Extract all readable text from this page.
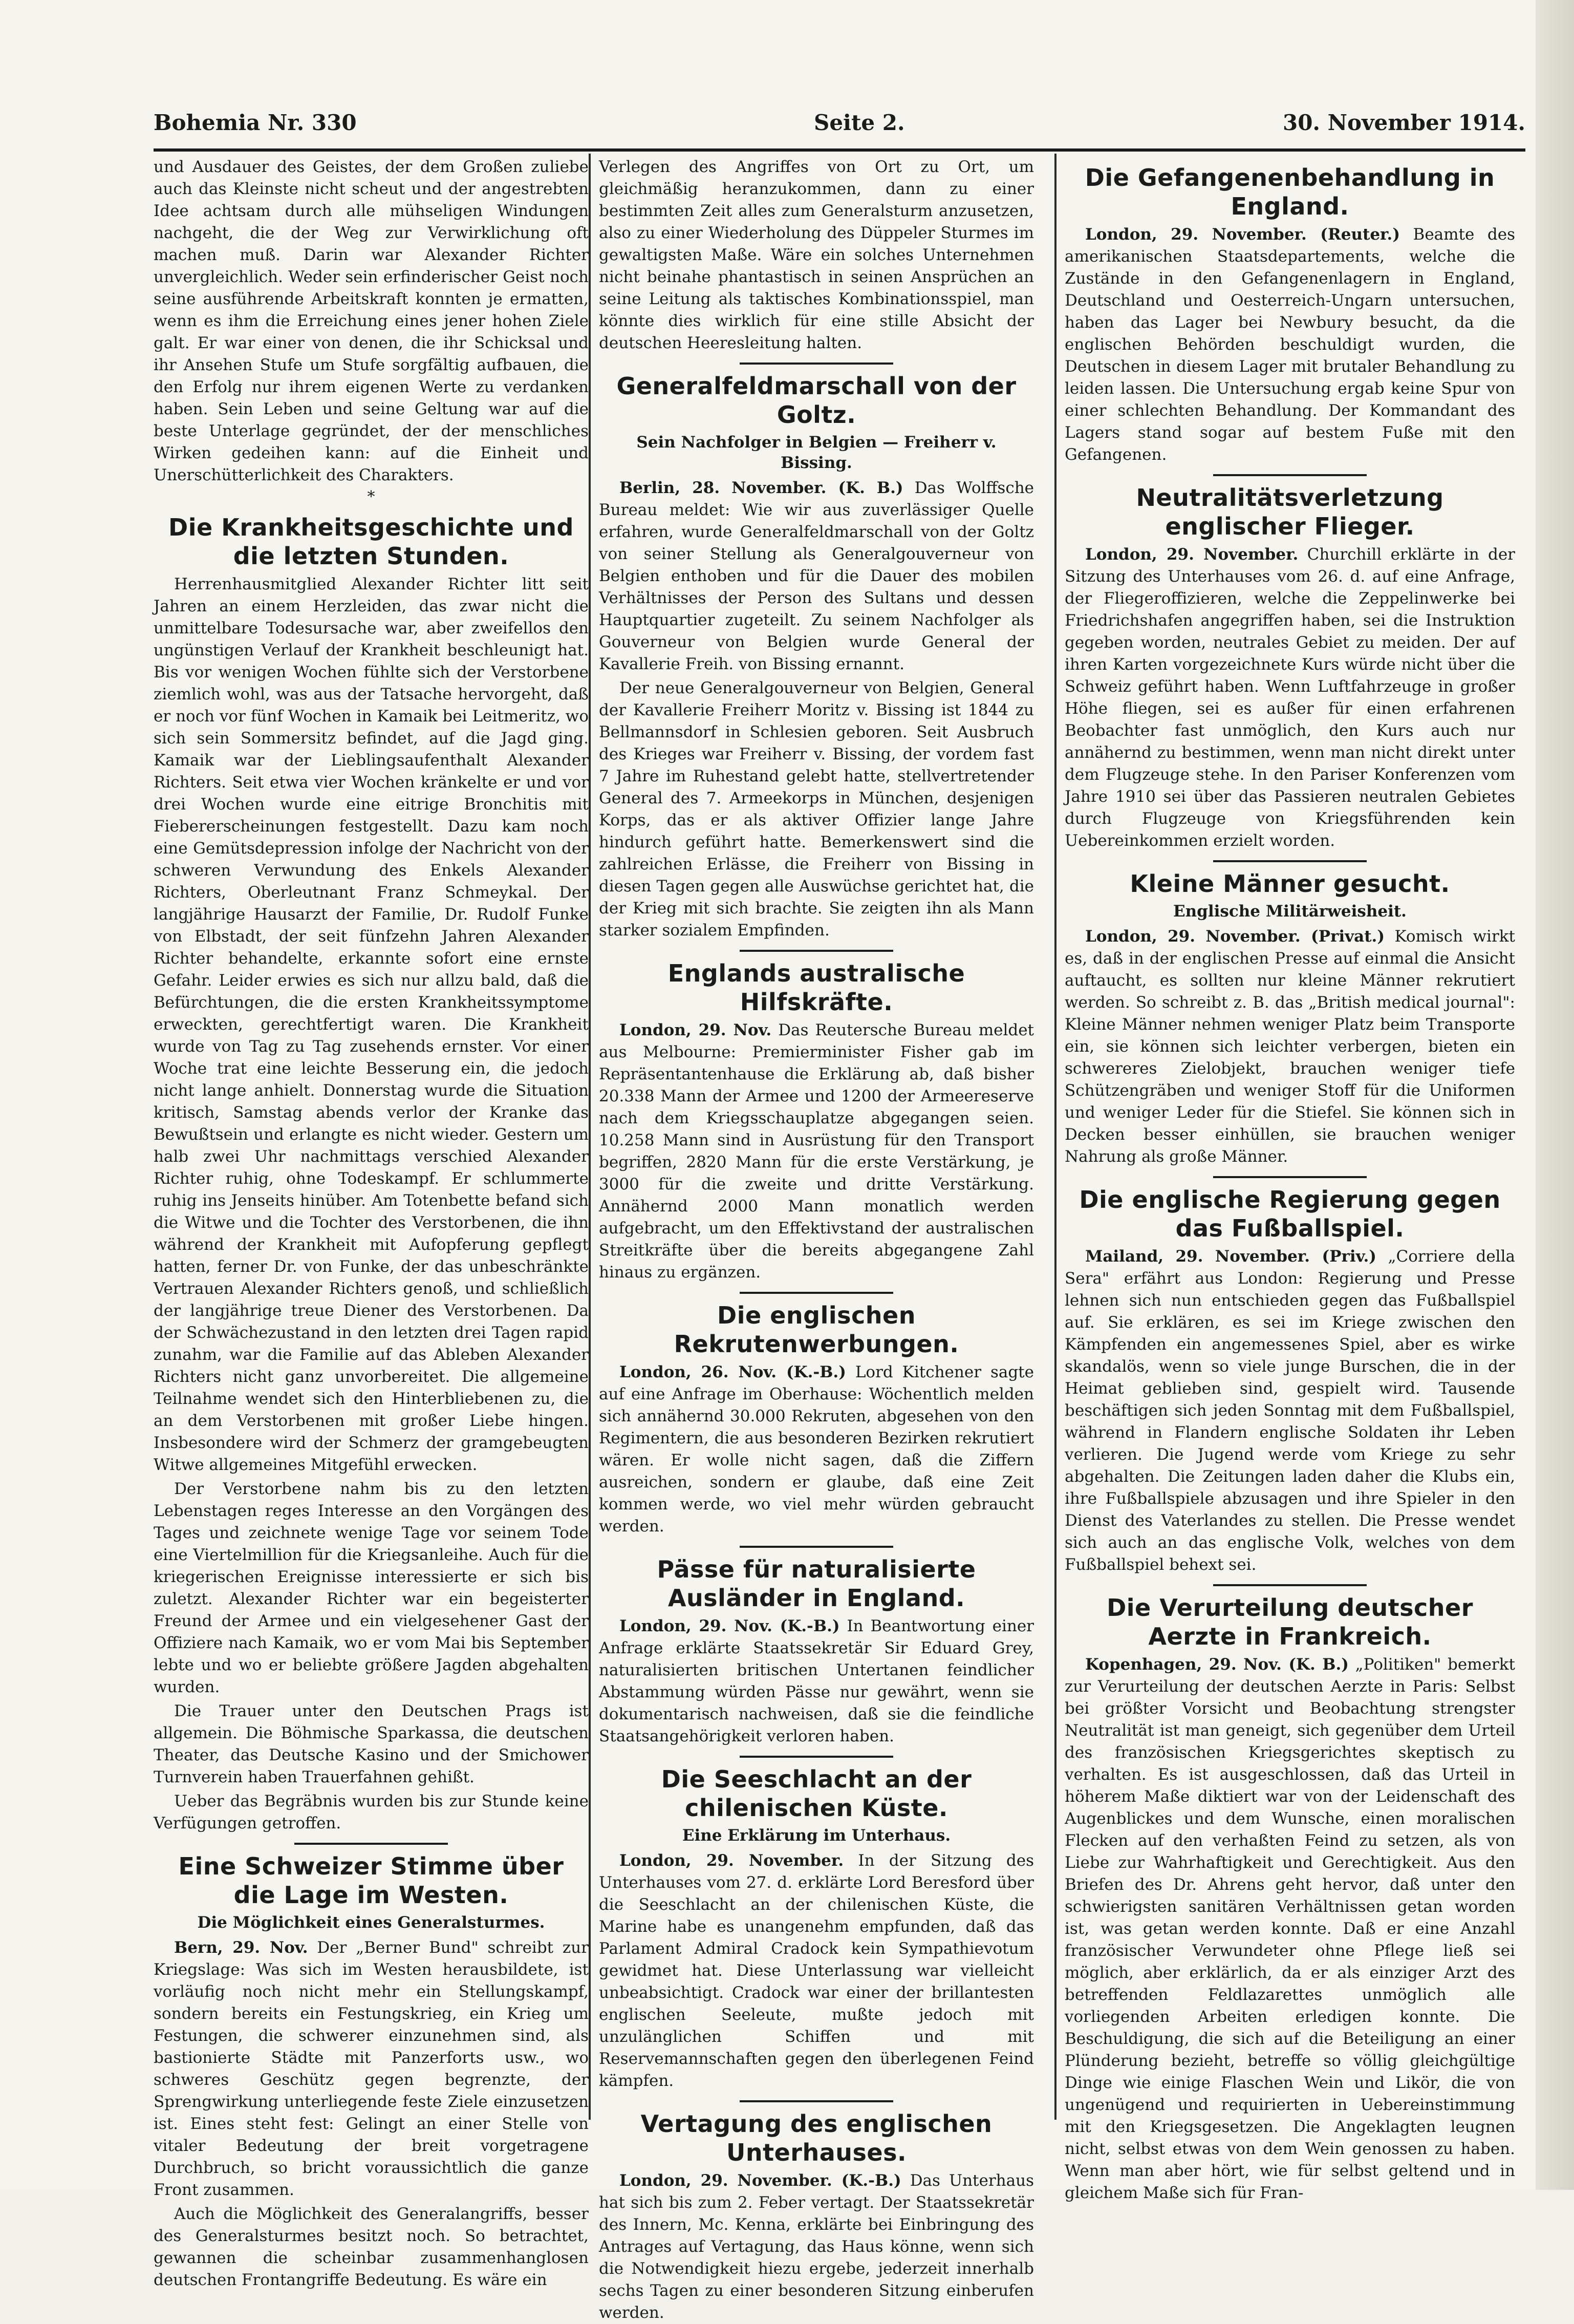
Bohemia Nr. 330	Seite 2.	30. November 1914.

und Ausdauer des Geistes, der dem Großen zuliebe auch das Kleinste nicht scheut und der angestrebten Idee achtsam durch alle mühseligen Windungen nachgeht, die der Weg zur Verwirklichung oft machen muß. Darin war Alexander Richter unvergleichlich. Weder sein erfinderischer Geist noch seine ausführende Arbeitskraft konnten je ermatten, wenn es ihm die Erreichung eines jener hohen Ziele galt. Er war einer von denen, die ihr Schicksal und ihr Ansehen Stufe um Stufe sorgfältig aufbauen, die den Erfolg nur ihrem eigenen Werte zu verdanken haben. Sein Leben und seine Geltung war auf die beste Unterlage gegründet, der der menschliches Wirken gedeihen kann: auf die Einheit und Unerschütterlichkeit des Charakters.

*
Die Krankheitsgeschichte und die letzten Stunden.

Herrenhausmitglied Alexander Richter litt seit Jahren an einem Herzleiden, das zwar nicht die unmittelbare Todesursache war, aber zweifellos den ungünstigen Verlauf der Krankheit beschleunigt hat. Bis vor wenigen Wochen fühlte sich der Verstorbene ziemlich wohl, was aus der Tatsache hervorgeht, daß er noch vor fünf Wochen in Kamaik bei Leitmeritz, wo sich sein Sommersitz befindet, auf die Jagd ging. Kamaik war der Lieblingsaufenthalt Alexander Richters. Seit etwa vier Wochen kränkelte er und vor drei Wochen wurde eine eitrige Bronchitis mit Fiebererscheinungen festgestellt. Dazu kam noch eine Gemütsdepression infolge der Nachricht von der schweren Verwundung des Enkels Alexander Richters, Oberleutnant Franz Schmeykal. Der langjährige Hausarzt der Familie, Dr. Rudolf Funke von Elbstadt, der seit fünfzehn Jahren Alexander Richter behandelte, erkannte sofort eine ernste Gefahr. Leider erwies es sich nur allzu bald, daß die Befürchtungen, die die ersten Krankheitssymptome erweckten, gerechtfertigt waren. Die Krankheit wurde von Tag zu Tag zusehends ernster. Vor einer Woche trat eine leichte Besserung ein, die jedoch nicht lange anhielt. Donnerstag wurde die Situation kritisch, Samstag abends verlor der Kranke das Bewußtsein und erlangte es nicht wieder. Gestern um halb zwei Uhr nachmittags verschied Alexander Richter ruhig, ohne Todeskampf. Er schlummerte ruhig ins Jenseits hinüber. Am Totenbette befand sich die Witwe und die Tochter des Verstorbenen, die ihn während der Krankheit mit Aufopferung gepflegt hatten, ferner Dr. von Funke, der das unbeschränkte Vertrauen Alexander Richters genoß, und schließlich der langjährige treue Diener des Verstorbenen. Da der Schwächezustand in den letzten drei Tagen rapid zunahm, war die Familie auf das Ableben Alexander Richters nicht ganz unvorbereitet. Die allgemeine Teilnahme wendet sich den Hinterbliebenen zu, die an dem Verstorbenen mit großer Liebe hingen. Insbesondere wird der Schmerz der gramgebeugten Witwe allgemeines Mitgefühl erwecken.

Der Verstorbene nahm bis zu den letzten Lebenstagen reges Interesse an den Vorgängen des Tages und zeichnete wenige Tage vor seinem Tode eine Viertelmillion für die Kriegsanleihe. Auch für die kriegerischen Ereignisse interessierte er sich bis zuletzt. Alexander Richter war ein begeisterter Freund der Armee und ein vielgesehener Gast der Offiziere nach Kamaik, wo er vom Mai bis September lebte und wo er beliebte größere Jagden abgehalten wurden.

Die Trauer unter den Deutschen Prags ist allgemein. Die Böhmische Sparkassa, die deutschen Theater, das Deutsche Kasino und der Smichower Turnverein haben Trauerfahnen gehißt.

Ueber das Begräbnis wurden bis zur Stunde keine Verfügungen getroffen.

Eine Schweizer Stimme über die Lage im Westen.
Die Möglichkeit eines Generalsturmes.

Bern, 29. Nov. Der „Berner Bund" schreibt zur Kriegslage: Was sich im Westen herausbildete, ist vorläufig noch nicht mehr ein Stellungskampf, sondern bereits ein Festungskrieg, ein Krieg um Festungen, die schwerer einzunehmen sind, als bastionierte Städte mit Panzerforts usw., wo schweres Geschütz gegen begrenzte, der Sprengwirkung unterliegende feste Ziele einzusetzen ist. Eines steht fest: Gelingt an einer Stelle von vitaler Bedeutung der breit vorgetragene Durchbruch, so bricht voraussichtlich die ganze Front zusammen.

Auch die Möglichkeit des Generalangriffs, besser des Generalsturmes besitzt noch. So betrachtet, gewannen die scheinbar zusammenhanglosen deutschen Frontangriffe Bedeutung. Es wäre ein

Verlegen des Angriffes von Ort zu Ort, um gleichmäßig heranzukommen, dann zu einer bestimmten Zeit alles zum Generalsturm anzusetzen, also zu einer Wiederholung des Düppeler Sturmes im gewaltigsten Maße. Wäre ein solches Unternehmen nicht beinahe phantastisch in seinen Ansprüchen an seine Leitung als taktisches Kombinationsspiel, man könnte dies wirklich für eine stille Absicht der deutschen Heeresleitung halten.

Generalfeldmarschall von der Goltz.
Sein Nachfolger in Belgien — Freiherr v. Bissing.

Berlin, 28. November. (K. B.) Das Wolffsche Bureau meldet: Wie wir aus zuverlässiger Quelle erfahren, wurde Generalfeldmarschall von der Goltz von seiner Stellung als Generalgouverneur von Belgien enthoben und für die Dauer des mobilen Verhältnisses der Person des Sultans und dessen Hauptquartier zugeteilt. Zu seinem Nachfolger als Gouverneur von Belgien wurde General der Kavallerie Freih. von Bissing ernannt.

Der neue Generalgouverneur von Belgien, General der Kavallerie Freiherr Moritz v. Bissing ist 1844 zu Bellmannsdorf in Schlesien geboren. Seit Ausbruch des Krieges war Freiherr v. Bissing, der vordem fast 7 Jahre im Ruhestand gelebt hatte, stellvertretender General des 7. Armeekorps in München, desjenigen Korps, das er als aktiver Offizier lange Jahre hindurch geführt hatte. Bemerkenswert sind die zahlreichen Erlässe, die Freiherr von Bissing in diesen Tagen gegen alle Auswüchse gerichtet hat, die der Krieg mit sich brachte. Sie zeigten ihn als Mann starker sozialem Empfinden.

Englands australische Hilfskräfte.

London, 29. Nov. Das Reutersche Bureau meldet aus Melbourne: Premierminister Fisher gab im Repräsentantenhause die Erklärung ab, daß bisher 20.338 Mann der Armee und 1200 der Armeereserve nach dem Kriegsschauplatze abgegangen seien. 10.258 Mann sind in Ausrüstung für den Transport begriffen, 2820 Mann für die erste Verstärkung, je 3000 für die zweite und dritte Verstärkung. Annähernd 2000 Mann monatlich werden aufgebracht, um den Effektivstand der australischen Streitkräfte über die bereits abgegangene Zahl hinaus zu ergänzen.

Die englischen Rekrutenwerbungen.

London, 26. Nov. (K.-B.) Lord Kitchener sagte auf eine Anfrage im Oberhause: Wöchentlich melden sich annähernd 30.000 Rekruten, abgesehen von den Regimentern, die aus besonderen Bezirken rekrutiert wären. Er wolle nicht sagen, daß die Ziffern ausreichen, sondern er glaube, daß eine Zeit kommen werde, wo viel mehr würden gebraucht werden.

Pässe für naturalisierte Ausländer in England.

London, 29. Nov. (K.-B.) In Beantwortung einer Anfrage erklärte Staatssekretär Sir Eduard Grey, naturalisierten britischen Untertanen feindlicher Abstammung würden Pässe nur gewährt, wenn sie dokumentarisch nachweisen, daß sie die feindliche Staatsangehörigkeit verloren haben.

Die Seeschlacht an der chilenischen Küste.
Eine Erklärung im Unterhaus.

London, 29. November. In der Sitzung des Unterhauses vom 27. d. erklärte Lord Beresford über die Seeschlacht an der chilenischen Küste, die Marine habe es unangenehm empfunden, daß das Parlament Admiral Cradock kein Sympathievotum gewidmet hat. Diese Unterlassung war vielleicht unbeabsichtigt. Cradock war einer der brillantesten englischen Seeleute, mußte jedoch mit unzulänglichen Schiffen und mit Reservemannschaften gegen den überlegenen Feind kämpfen.

Vertagung des englischen Unterhauses.

London, 29. November. (K.-B.) Das Unterhaus hat sich bis zum 2. Feber vertagt. Der Staatssekretär des Innern, Mc. Kenna, erklärte bei Einbringung des Antrages auf Vertagung, das Haus könne, wenn sich die Notwendigkeit hiezu ergebe, jederzeit innerhalb sechs Tagen zu einer besonderen Sitzung einberufen werden.

Die Gefangenenbehandlung in England.

London, 29. November. (Reuter.) Beamte des amerikanischen Staatsdepartements, welche die Zustände in den Gefangenenlagern in England, Deutschland und Oesterreich-Ungarn untersuchen, haben das Lager bei Newbury besucht, da die englischen Behörden beschuldigt wurden, die Deutschen in diesem Lager mit brutaler Behandlung zu leiden lassen. Die Untersuchung ergab keine Spur von einer schlechten Behandlung. Der Kommandant des Lagers stand sogar auf bestem Fuße mit den Gefangenen.

Neutralitätsverletzung englischer Flieger.

London, 29. November. Churchill erklärte in der Sitzung des Unterhauses vom 26. d. auf eine Anfrage, der Fliegeroffizieren, welche die Zeppelinwerke bei Friedrichshafen angegriffen haben, sei die Instruktion gegeben worden, neutrales Gebiet zu meiden. Der auf ihren Karten vorgezeichnete Kurs würde nicht über die Schweiz geführt haben. Wenn Luftfahrzeuge in großer Höhe fliegen, sei es außer für einen erfahrenen Beobachter fast unmöglich, den Kurs auch nur annähernd zu bestimmen, wenn man nicht direkt unter dem Flugzeuge stehe. In den Pariser Konferenzen vom Jahre 1910 sei über das Passieren neutralen Gebietes durch Flugzeuge von Kriegsführenden kein Uebereinkommen erzielt worden.

Kleine Männer gesucht.
Englische Militärweisheit.

London, 29. November. (Privat.) Komisch wirkt es, daß in der englischen Presse auf einmal die Ansicht auftaucht, es sollten nur kleine Männer rekrutiert werden. So schreibt z. B. das „British medical journal": Kleine Männer nehmen weniger Platz beim Transporte ein, sie können sich leichter verbergen, bieten ein schwereres Zielobjekt, brauchen weniger tiefe Schützengräben und weniger Stoff für die Uniformen und weniger Leder für die Stiefel. Sie können sich in Decken besser einhüllen, sie brauchen weniger Nahrung als große Männer.

Die englische Regierung gegen das Fußballspiel.

Mailand, 29. November. (Priv.) „Corriere della Sera" erfährt aus London: Regierung und Presse lehnen sich nun entschieden gegen das Fußballspiel auf. Sie erklären, es sei im Kriege zwischen den Kämpfenden ein angemessenes Spiel, aber es wirke skandalös, wenn so viele junge Burschen, die in der Heimat geblieben sind, gespielt wird. Tausende beschäftigen sich jeden Sonntag mit dem Fußballspiel, während in Flandern englische Soldaten ihr Leben verlieren. Die Jugend werde vom Kriege zu sehr abgehalten. Die Zeitungen laden daher die Klubs ein, ihre Fußballspiele abzusagen und ihre Spieler in den Dienst des Vaterlandes zu stellen. Die Presse wendet sich auch an das englische Volk, welches von dem Fußballspiel behext sei.

Die Verurteilung deutscher Aerzte in Frankreich.

Kopenhagen, 29. Nov. (K. B.) „Politiken" bemerkt zur Verurteilung der deutschen Aerzte in Paris: Selbst bei größter Vorsicht und Beobachtung strengster Neutralität ist man geneigt, sich gegenüber dem Urteil des französischen Kriegsgerichtes skeptisch zu verhalten. Es ist ausgeschlossen, daß das Urteil in höherem Maße diktiert war von der Leidenschaft des Augenblickes und dem Wunsche, einen moralischen Flecken auf den verhaßten Feind zu setzen, als von Liebe zur Wahrhaftigkeit und Gerechtigkeit. Aus den Briefen des Dr. Ahrens geht hervor, daß unter den schwierigsten sanitären Verhältnissen getan worden ist, was getan werden konnte. Daß er eine Anzahl französischer Verwundeter ohne Pflege ließ sei möglich, aber erklärlich, da er als einziger Arzt des betreffenden Feldlazarettes unmöglich alle vorliegenden Arbeiten erledigen konnte. Die Beschuldigung, die sich auf die Beteiligung an einer Plünderung bezieht, betreffe so völlig gleichgültige Dinge wie einige Flaschen Wein und Likör, die von ungenügend und requirierten in Uebereinstimmung mit den Kriegsgesetzen. Die Angeklagten leugnen nicht, selbst etwas von dem Wein genossen zu haben. Wenn man aber hört, wie für selbst geltend und in gleichem Maße sich für Fran-
